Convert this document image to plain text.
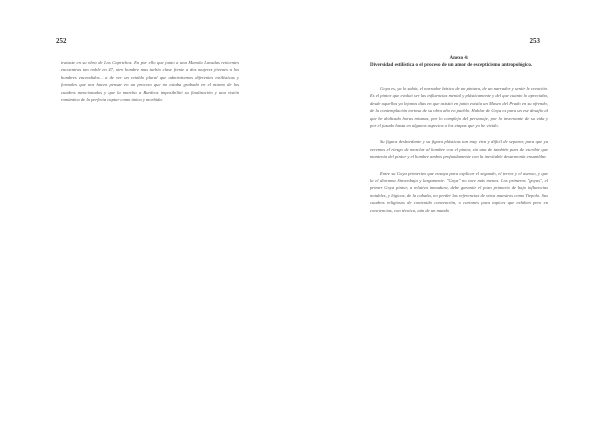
252

trataste en su obra de Los Caprichos. En por ello que junto a una Manola Lavadas reticentes encuentras tan noble en 47, otro hombre mas turbio clase frente a dos mujeres jóvenes a los hombres encendidos... a de ver un retablo plural que admirásemos diferentes estilísticas y formales que nos hacen pensar en un proceso que no estaba grabado en el mismo de los cuadros mencionados y que la marcha a Burdeos imposibilitó su finalización y una visión romántica de la perfecta captar como única y morbida.

253
Anexo 4:
Diversidad estilística o el proceso de un amor de escepticismo antropológico.

Goya es, ya lo sabía, el narrador básico de un pintura, de un narrador y sentir le creación. Es el pintor que evaluó ser las influencias mental y plásticamente y del que cuanto lo apreciaba, desde aquellos ya lejanos días en que asistió en junto existía un Museo del Prado en su ofrendo, de la contemplación tortosa de su obra año en pueblo. Hablar de Goya es para un ese desafío al que he dedicado horas mismas, por lo complejo del personaje, por lo invernante de su vida y por el juzado basta en algunos aspectos a los etapas que yo he vivido.

Su figura desbordante y su figura plásticas tan muy viva y difícil de separar, para que ya veremos el riesgo de mezclar al hombre con el pintor, sin una de también pues de escribir que mantenía del pintor y el hombre ambos profundamente con la inevitable desarmonía ensamblar.

Entre su Goya primerizo que ensaya para explicar el segundo, el terror y el asenso, y que la el diorama Sinvenbaja y largamente. "Goya" no tuve más menos. Los primeros "goyas", el primer Goya pintor, a relativa inmadura, debe garantir el pozo primario de bajo influencias notables, y lógicas, de la cabaña, no perder las referencias de otros maestros como Tiepolo. Sus cuadros religiosos de contenido convención, o cartones para tapices que exhiben pero en conciencias, con técnica, aún de un mundo
